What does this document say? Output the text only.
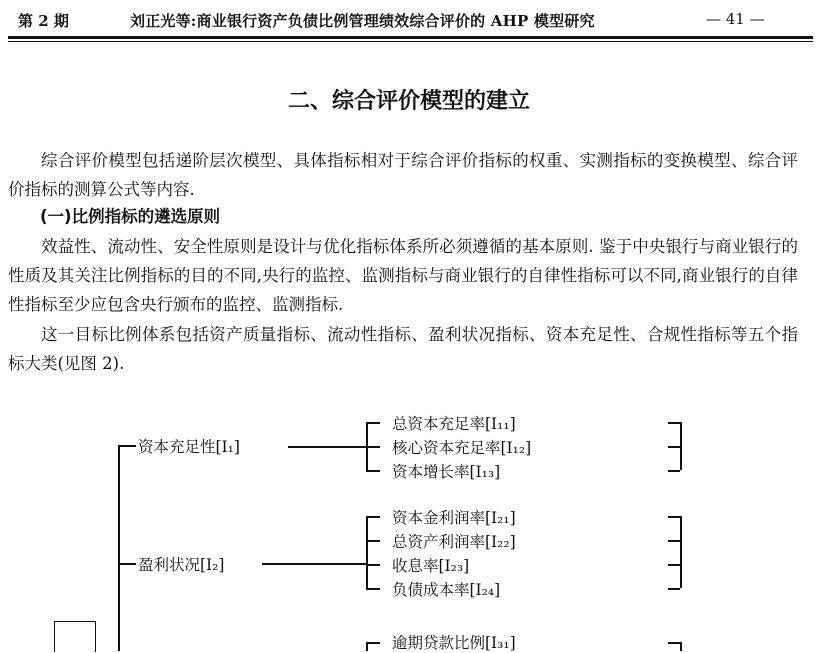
第 2 期	刘正光等:商业银行资产负债比例管理绩效综合评价的 AHP 模型研究	— 41 —
二、综合评价模型的建立

综合评价模型包括递阶层次模型、具体指标相对于综合评价指标的权重、实测指标的变换模型、综合评价指标的测算公式等内容.

(一)比例指标的遴选原则

效益性、流动性、安全性原则是设计与优化指标体系所必须遵循的基本原则. 鉴于中央银行与商业银行的性质及其关注比例指标的目的不同,央行的监控、监测指标与商业银行的自律性指标可以不同,商业银行的自律性指标至少应包含央行颁布的监控、监测指标.

这一目标比例体系包括资产质量指标、流动性指标、盈利状况指标、资本充足性、合规性指标等五个指标大类(见图 2).

资本充足性[I₁]
总资本充足率[I₁₁]
核心资本充足率[I₁₂]
资本增长率[I₁₃]
盈利状况[I₂]
资本金利润率[I₂₁]
总资产利润率[I₂₂]
收息率[I₂₃]
负债成本率[I₂₄]
逾期贷款比例[I₃₁]
